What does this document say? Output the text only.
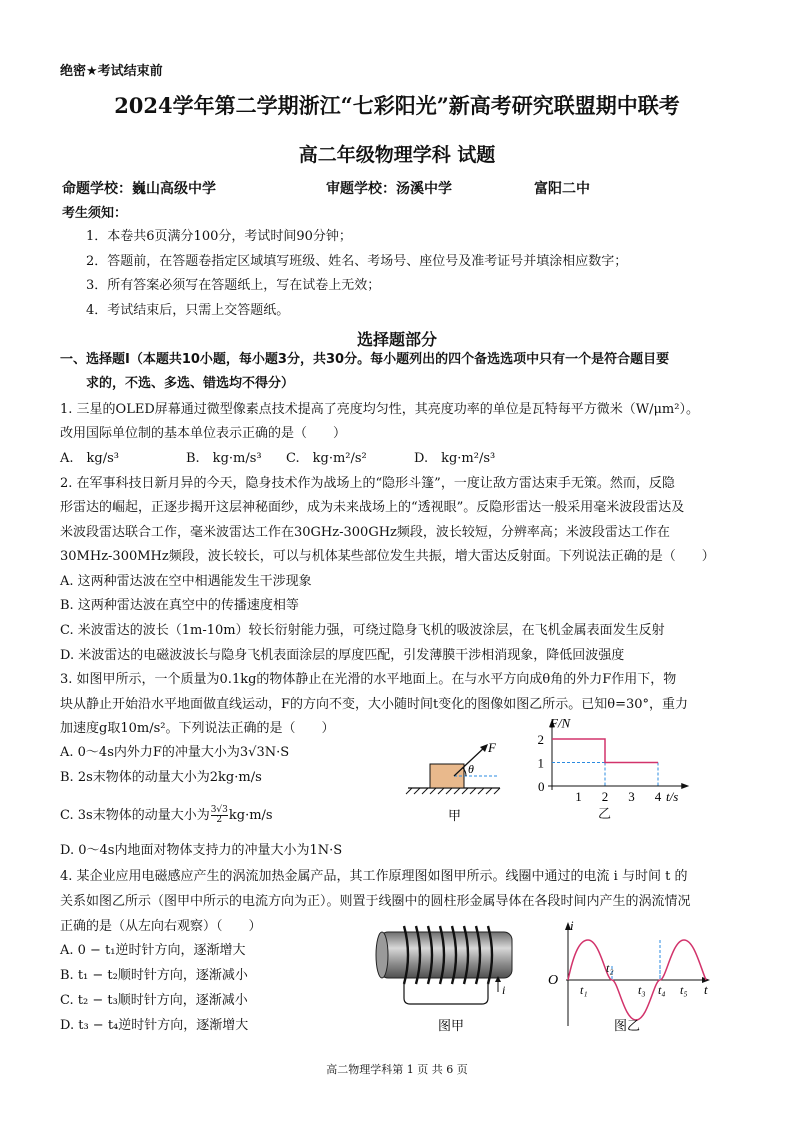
绝密★考试结束前
2024学年第二学期浙江“七彩阳光”新高考研究联盟期中联考
高二年级物理学科 试题
命题学校：巍山高级中学	审题学校：汤溪中学	富阳二中
考生须知：
1．本卷共6页满分100分，考试时间90分钟；
2．答题前，在答题卷指定区域填写班级、姓名、考场号、座位号及准考证号并填涂相应数字；
3．所有答案必须写在答题纸上，写在试卷上无效；
4．考试结束后，只需上交答题纸。
选择题部分
一、选择题Ⅰ（本题共10小题，每小题3分，共30分。每小题列出的四个备选选项中只有一个是符合题目要
求的，不选、多选、错选均不得分）
1. 三星的OLED屏幕通过微型像素点技术提高了亮度均匀性，其亮度功率的单位是瓦特每平方微米（W/μm²）。
改用国际单位制的基本单位表示正确的是（　　）
A.　kg/s³	B.　kg·m/s³ C.　kg·m²/s²	D.　kg·m²/s³
2. 在军事科技日新月异的今天，隐身技术作为战场上的“隐形斗篷”，一度让敌方雷达束手无策。然而，反隐
形雷达的崛起，正逐步揭开这层神秘面纱，成为未来战场上的“透视眼”。反隐形雷达一般采用毫米波段雷达及
米波段雷达联合工作，毫米波雷达工作在30GHz-300GHz频段，波长较短，分辨率高；米波段雷达工作在
30MHz-300MHz频段，波长较长，可以与机体某些部位发生共振，增大雷达反射面。下列说法正确的是（　　）
A. 这两种雷达波在空中相遇能发生干涉现象
B. 这两种雷达波在真空中的传播速度相等
C. 米波雷达的波长（1m-10m）较长衍射能力强，可绕过隐身飞机的吸波涂层，在飞机金属表面发生反射
D. 米波雷达的电磁波波长与隐身飞机表面涂层的厚度匹配，引发薄膜干涉相消现象，降低回波强度
3. 如图甲所示，一个质量为0.1kg的物体静止在光滑的水平地面上。在与水平方向成θ角的外力F作用下，物
块从静止开始沿水平地面做直线运动，F的方向不变，大小随时间t变化的图像如图乙所示。已知θ=30°，重力
加速度g取10m/s²。下列说法正确的是（　　）
A. 0～4s内外力F的冲量大小为3√3N·S
B. 2s末物体的动量大小为2kg·m/s
C. 3s末物体的动量大小为 $\frac{3√3}{2} kg\cdot m/s$
D. 0～4s内地面对物体支持力的冲量大小为1N·S
F
θ
甲
F/N
t/s
0
1 2 3 4
1
2
乙
4. 某企业应用电磁感应产生的涡流加热金属产品，其工作原理图如图甲所示。线圈中通过的电流 i 与时间 t 的
关系如图乙所示（图甲中所示的电流方向为正）。则置于线圈中的圆柱形金属导体在各段时间内产生的涡流情况
正确的是（从左向右观察）（　　）
A. 0 − t₁逆时针方向，逐渐增大
B. t₁ − t₂顺时针方向，逐渐减小
C. t₂ − t₃顺时针方向，逐渐减小
D. t₃ − t₄逆时针方向，逐渐增大
i
图甲
i
t
O
t₁
t₂
t₃ t₄ t₅
图乙
高二物理学科第 1 页 共 6 页
